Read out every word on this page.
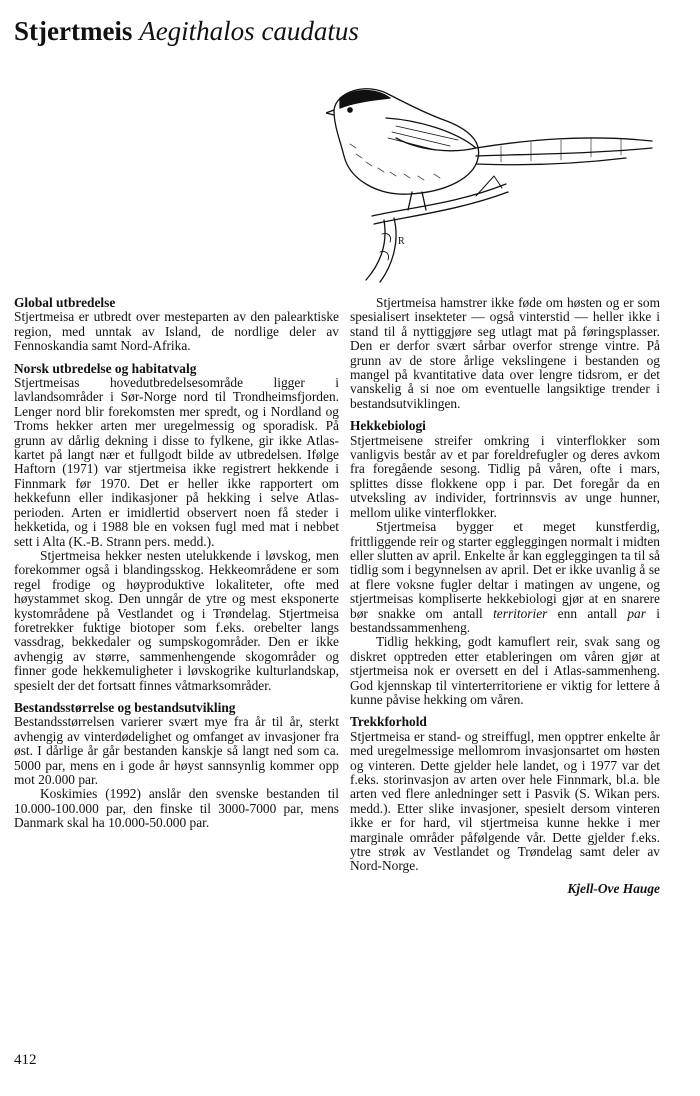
Stjertmeis Aegithalos caudatus
R
Global utbredelse

Stjertmeisa er utbredt over mesteparten av den palearktiske region, med unntak av Island, de nordlige deler av Fennoskandia samt Nord-Afrika.

Norsk utbredelse og habitatvalg

Stjertmeisas hovedutbredelsesområde ligger i lavlandsområder i Sør-Norge nord til Trondheimsfjorden. Lenger nord blir forekomsten mer spredt, og i Nordland og Troms hekker arten mer uregelmessig og sporadisk. På grunn av dårlig dekning i disse to fylkene, gir ikke Atlas-kartet på langt nær et fullgodt bilde av utbredelsen. Ifølge Haftorn (1971) var stjertmeisa ikke registrert hekkende i Finnmark før 1970. Det er heller ikke rapportert om hekkefunn eller indikasjoner på hekking i selve Atlas-perioden. Arten er imidlertid observert noen få steder i hekketida, og i 1988 ble en voksen fugl med mat i nebbet sett i Alta (K.-B. Strann pers. medd.).

Stjertmeisa hekker nesten utelukkende i løvskog, men forekommer også i blandingsskog. Hekkeområdene er som regel frodige og høyproduktive lokaliteter, ofte med høystammet skog. Den unngår de ytre og mest eksponerte kystområdene på Vestlandet og i Trøndelag. Stjertmeisa foretrekker fuktige biotoper som f.eks. orebelter langs vassdrag, bekkedaler og sumpskogområder. Den er ikke avhengig av større, sammenhengende skogområder og finner gode hekkemuligheter i løvskogrike kulturlandskap, spesielt der det fortsatt finnes våtmarksområder.

Bestandsstørrelse og bestandsutvikling

Bestandsstørrelsen varierer svært mye fra år til år, sterkt avhengig av vinterdødelighet og omfanget av invasjoner fra øst. I dårlige år går bestanden kanskje så langt ned som ca. 5000 par, mens en i gode år høyst sannsynlig kommer opp mot 20.000 par.

Koskimies (1992) anslår den svenske bestanden til 10.000-100.000 par, den finske til 3000-7000 par, mens Danmark skal ha 10.000-50.000 par.

Stjertmeisa hamstrer ikke føde om høsten og er som spesialisert insekteter — også vinterstid — heller ikke i stand til å nyttiggjøre seg utlagt mat på føringsplasser. Den er derfor svært sårbar overfor strenge vintre. På grunn av de store årlige vekslingene i bestanden og mangel på kvantitative data over lengre tidsrom, er det vanskelig å si noe om eventuelle langsiktige trender i bestandsutviklingen.

Hekkebiologi

Stjertmeisene streifer omkring i vinterflokker som vanligvis består av et par foreldrefugler og deres avkom fra foregående sesong. Tidlig på våren, ofte i mars, splittes disse flokkene opp i par. Det foregår da en utveksling av individer, fortrinnsvis av unge hunner, mellom ulike vinterflokker.

Stjertmeisa bygger et meget kunstferdig, frittliggende reir og starter eggleggingen normalt i midten eller slutten av april. Enkelte år kan eggleggingen ta til så tidlig som i begynnelsen av april. Det er ikke uvanlig å se at flere voksne fugler deltar i matingen av ungene, og stjertmeisas kompliserte hekkebiologi gjør at en snarere bør snakke om antall territorier enn antall par i bestandssammenheng.

Tidlig hekking, godt kamuflert reir, svak sang og diskret opptreden etter etableringen om våren gjør at stjertmeisa nok er oversett en del i Atlas-sammenheng. God kjennskap til vinterterritoriene er viktig for lettere å kunne påvise hekking om våren.

Trekkforhold

Stjertmeisa er stand- og streiffugl, men opptrer enkelte år med uregelmessige mellomrom invasjonsartet om høsten og vinteren. Dette gjelder hele landet, og i 1977 var det f.eks. storinvasjon av arten over hele Finnmark, bl.a. ble arten ved flere anledninger sett i Pasvik (S. Wikan pers. medd.). Etter slike invasjoner, spesielt dersom vinteren ikke er for hard, vil stjertmeisa kunne hekke i mer marginale områder påfølgende vår. Dette gjelder f.eks. ytre strøk av Vestlandet og Trøndelag samt deler av Nord-Norge.

Kjell-Ove Hauge
412
